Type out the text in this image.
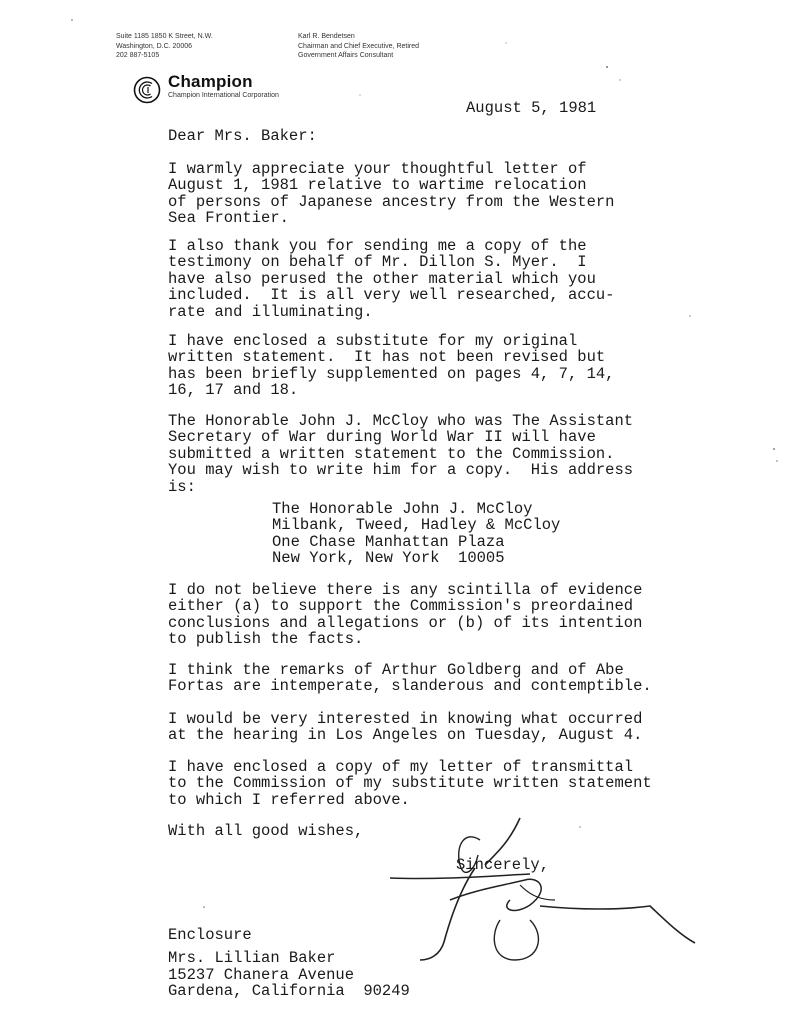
Suite 1185 1850 K Street, N.W.
Washington, D.C. 20006
202 887-5105
Karl R. Bendetsen
Chairman and Chief Executive, Retired
Government Affairs Consultant
Champion
Champion International Corporation
August 5, 1981
Dear Mrs. Baker:

I warmly appreciate your thoughtful letter of
August 1, 1981 relative to wartime relocation
of persons of Japanese ancestry from the Western
Sea Frontier.

I also thank you for sending me a copy of the
testimony on behalf of Mr. Dillon S. Myer.  I
have also perused the other material which you
included.  It is all very well researched, accu-
rate and illuminating.

I have enclosed a substitute for my original
written statement.  It has not been revised but
has been briefly supplemented on pages 4, 7, 14,
16, 17 and 18.

The Honorable John J. McCloy who was The Assistant
Secretary of War during World War II will have
submitted a written statement to the Commission.
You may wish to write him for a copy.  His address
is:

The Honorable John J. McCloy
Milbank, Tweed, Hadley & McCloy
One Chase Manhattan Plaza
New York, New York  10005

I do not believe there is any scintilla of evidence
either (a) to support the Commission's preordained
conclusions and allegations or (b) of its intention
to publish the facts.

I think the remarks of Arthur Goldberg and of Abe
Fortas are intemperate, slanderous and contemptible.

I would be very interested in knowing what occurred
at the hearing in Los Angeles on Tuesday, August 4.

I have enclosed a copy of my letter of transmittal
to the Commission of my substitute written statement
to which I referred above.

With all good wishes,
Sincerely,
Enclosure
Mrs. Lillian Baker
15237 Chanera Avenue
Gardena, California  90249
